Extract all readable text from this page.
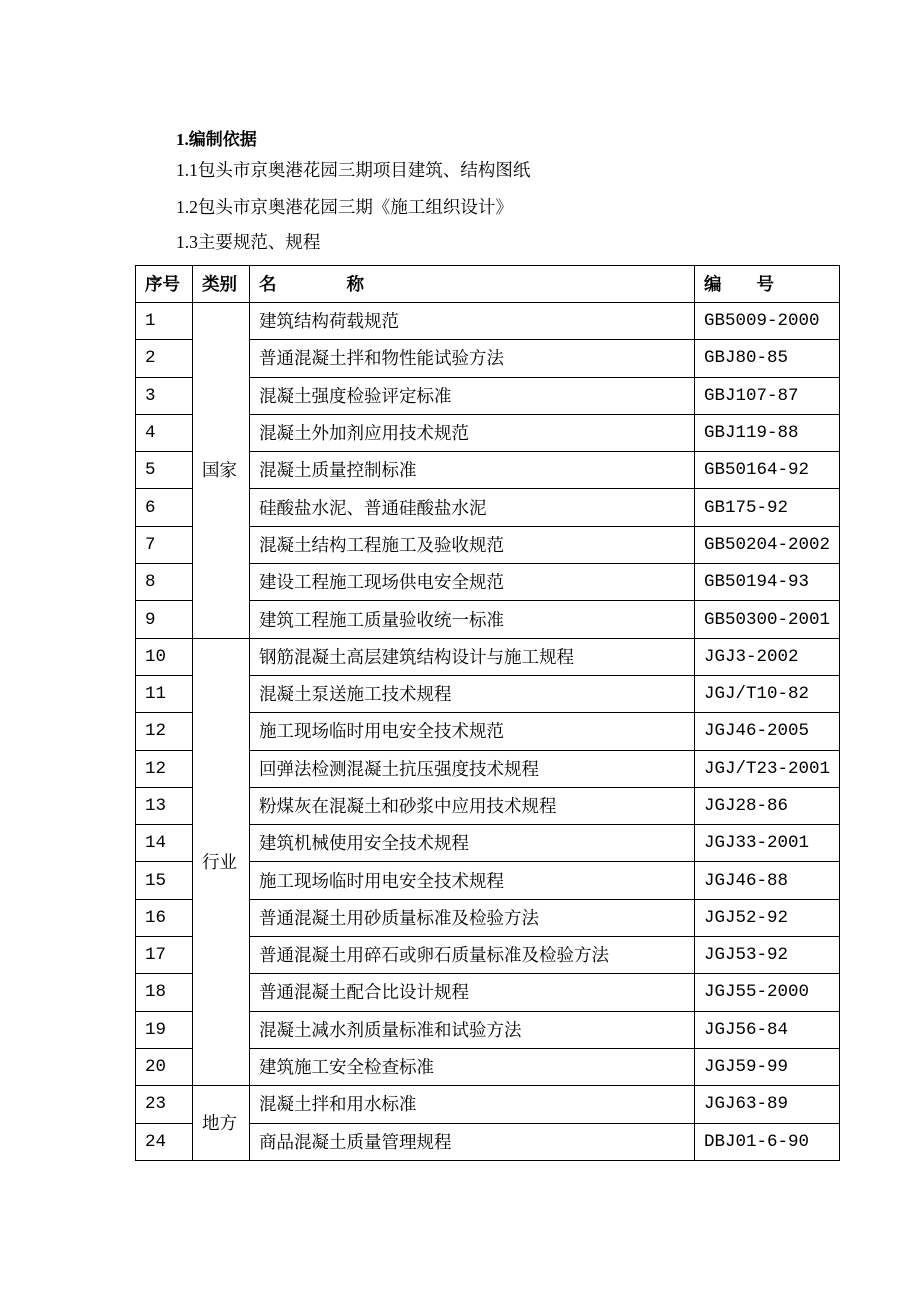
1.编制依据
1.1包头市京奥港花园三期项目建筑、结构图纸
1.2包头市京奥港花园三期《施工组织设计》
1.3主要规范、规程
序号	类别	名　　　　称	编　　号
1	国家	建筑结构荷载规范	GB5009-2000
2		普通混凝土拌和物性能试验方法	GBJ80-85
3		混凝土强度检验评定标准	GBJ107-87
4		混凝土外加剂应用技术规范	GBJ119-88
5		混凝土质量控制标准	GB50164-92
6		硅酸盐水泥、普通硅酸盐水泥	GB175-92
7		混凝土结构工程施工及验收规范	GB50204-2002
8		建设工程施工现场供电安全规范	GB50194-93
9		建筑工程施工质量验收统一标准	GB50300-2001
10	行业	钢筋混凝土高层建筑结构设计与施工规程	JGJ3-2002
11		混凝土泵送施工技术规程	JGJ/T10-82
12		施工现场临时用电安全技术规范	JGJ46-2005
12		回弹法检测混凝土抗压强度技术规程	JGJ/T23-2001
13		粉煤灰在混凝土和砂浆中应用技术规程	JGJ28-86
14		建筑机械使用安全技术规程	JGJ33-2001
15		施工现场临时用电安全技术规程	JGJ46-88
16		普通混凝土用砂质量标准及检验方法	JGJ52-92
17		普通混凝土用碎石或卵石质量标准及检验方法	JGJ53-92
18		普通混凝土配合比设计规程	JGJ55-2000
19		混凝土减水剂质量标准和试验方法	JGJ56-84
20		建筑施工安全检查标准	JGJ59-99
23	地方	混凝土拌和用水标准	JGJ63-89
24		商品混凝土质量管理规程	DBJ01-6-90
